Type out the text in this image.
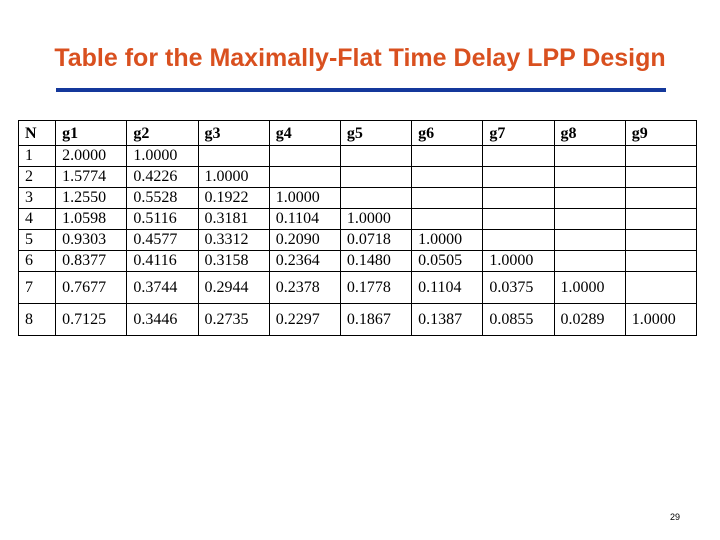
Table for the Maximally-Flat Time Delay LPP Design
N	g1	g2	g3	g4	g5	g6	g7	g8	g9
1	2.0000	1.0000							
2	1.5774	0.4226	1.0000						
3	1.2550	0.5528	0.1922	1.0000					
4	1.0598	0.5116	0.3181	0.1104	1.0000				
5	0.9303	0.4577	0.3312	0.2090	0.0718	1.0000			
6	0.8377	0.4116	0.3158	0.2364	0.1480	0.0505	1.0000		
7	0.7677	0.3744	0.2944	0.2378	0.1778	0.1104	0.0375	1.0000	
8	0.7125	0.3446	0.2735	0.2297	0.1867	0.1387	0.0855	0.0289	1.0000
29
